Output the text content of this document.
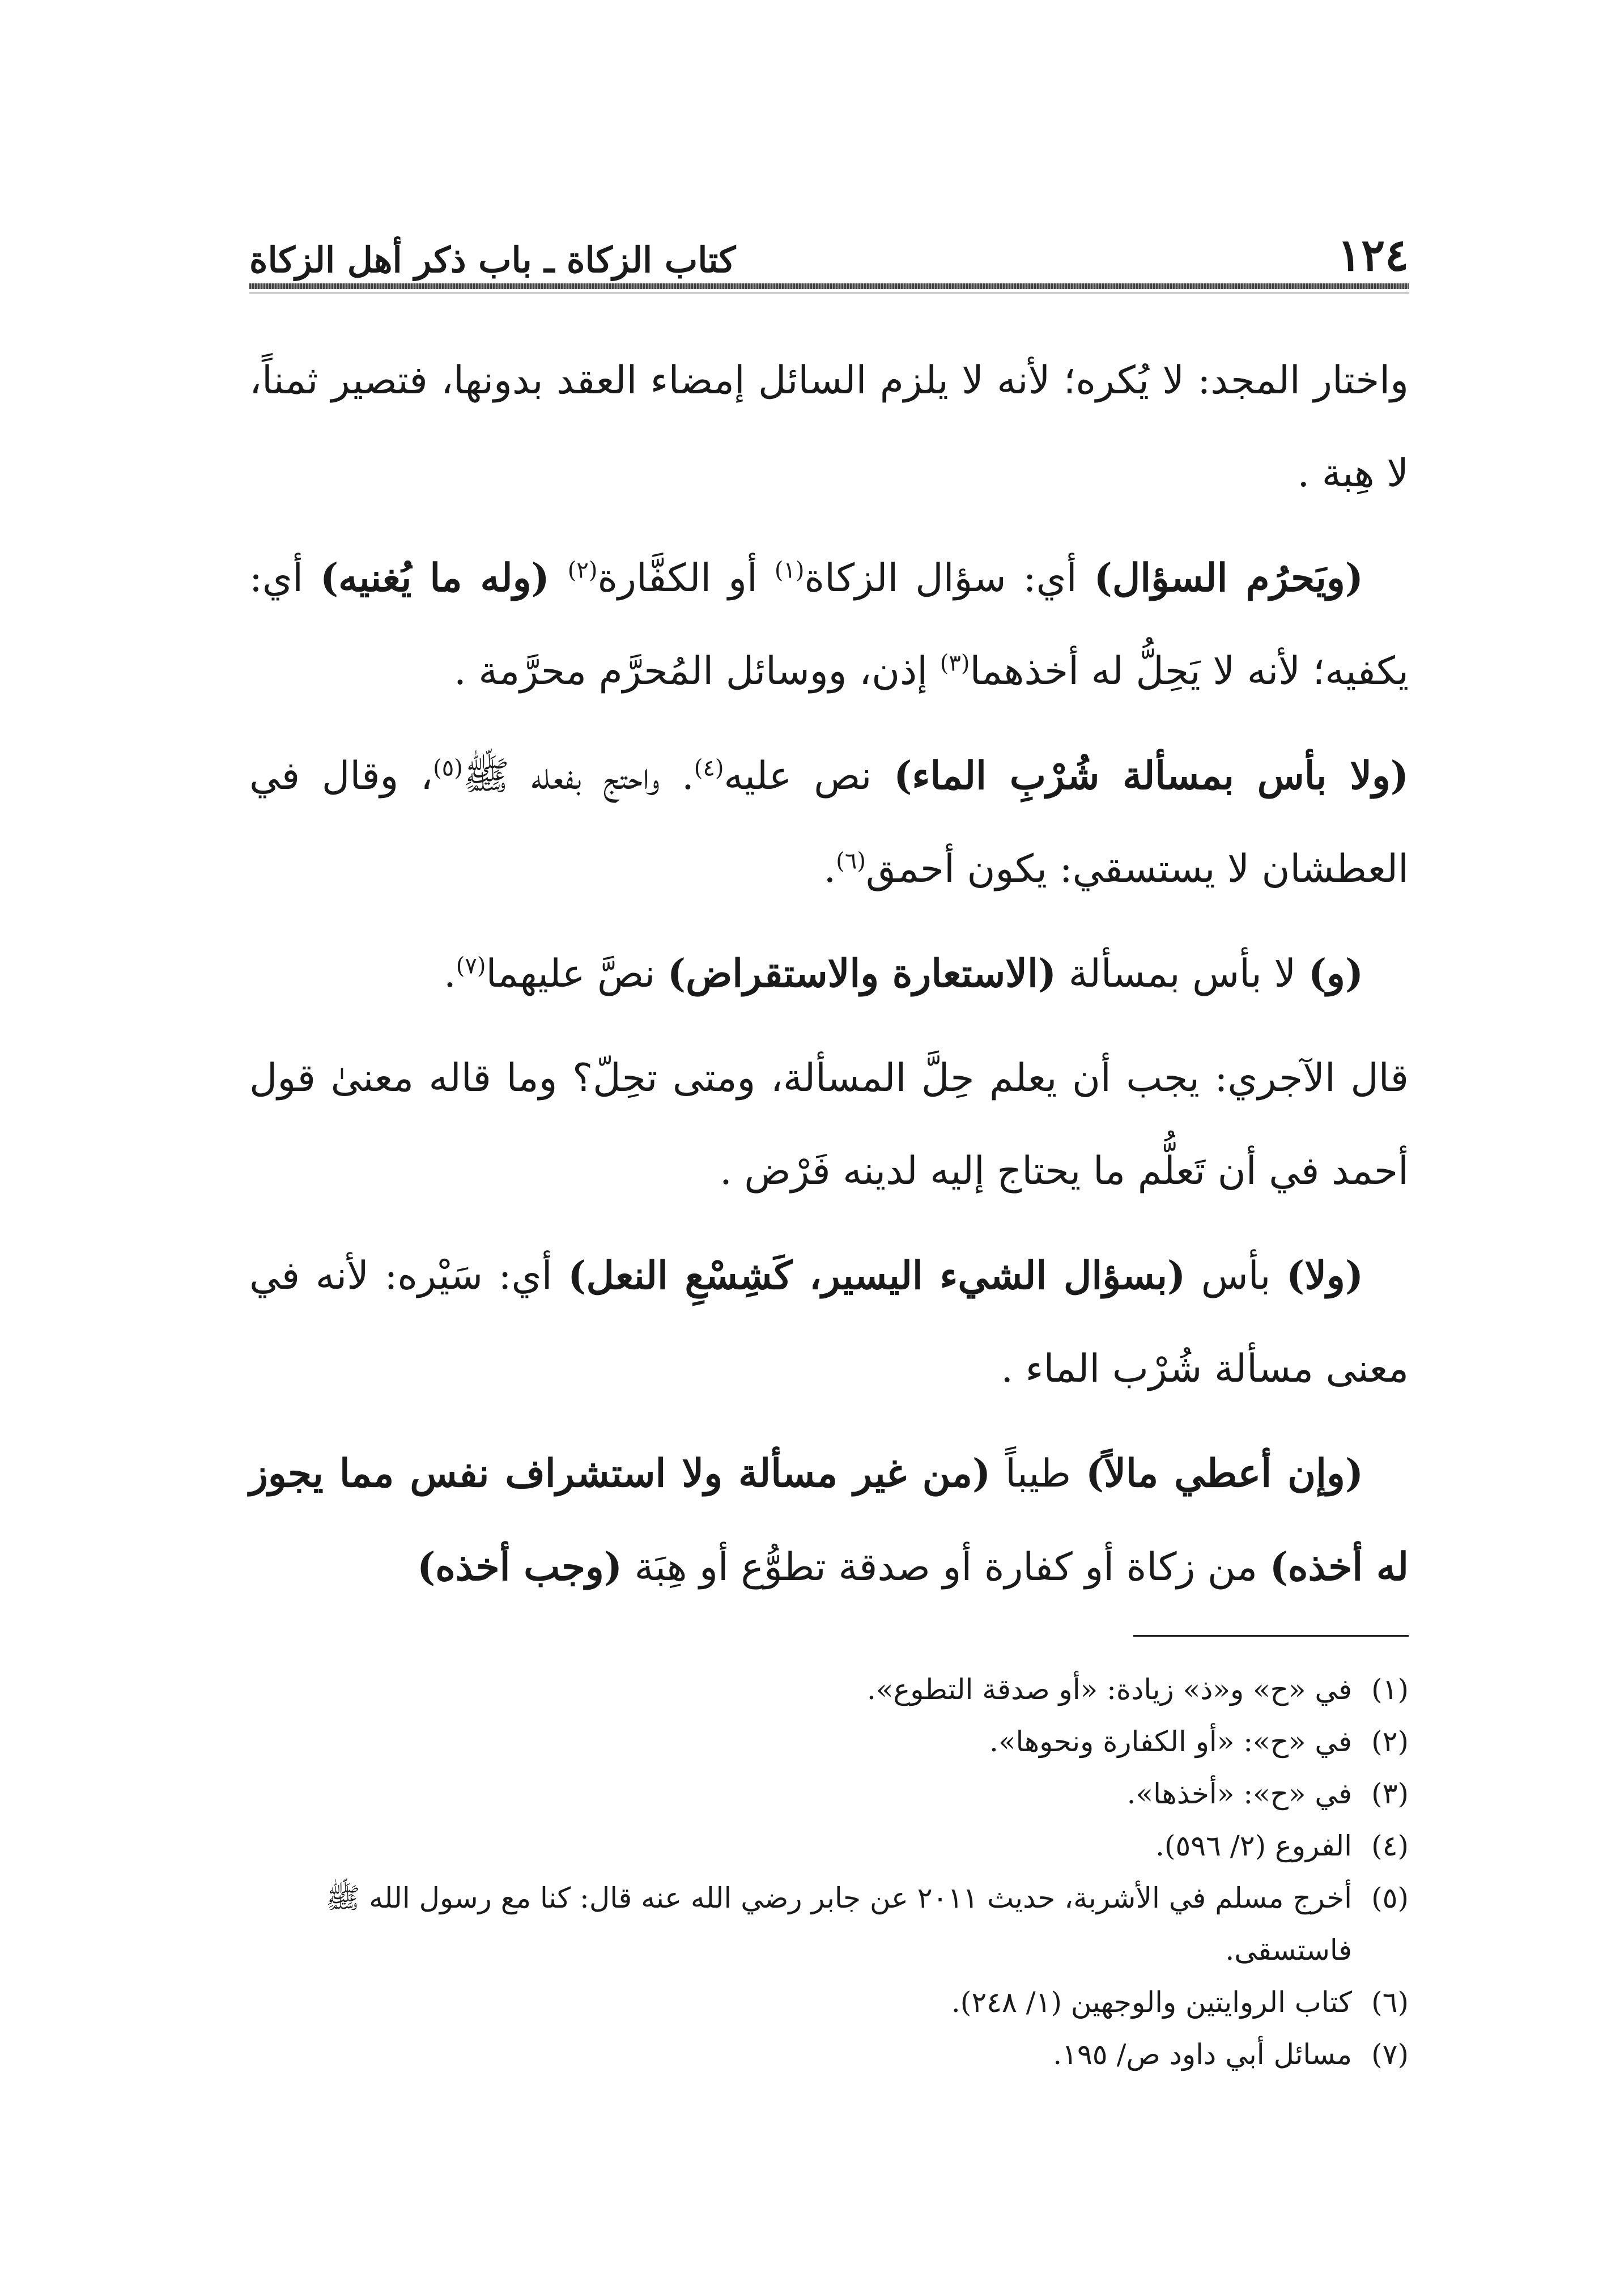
١٢٤
كتاب الزكاة ـ باب ذكر أهل الزكاة

واختار المجد: لا يُكره؛ لأنه لا يلزم السائل إمضاء العقد بدونها، فتصير ثمناً، لا هِبة .

(ويَحرُم السؤال) أي: سؤال الزكاة$^{(١)}$ أو الكفَّارة$^{(٢)}$ (وله ما يُغنيه) أي: يكفيه؛ لأنه لا يَحِلُّ له أخذهما$^{(٣)}$ إذن، ووسائل المُحرَّم محرَّمة .

(ولا بأس بمسألة شُرْبِ الماء) نص عليه$^{(٤)}$. واحتج بفعله ﷺ$^{(٥)}$، وقال في العطشان لا يستسقي: يكون أحمق$^{(٦)}$.

(و) لا بأس بمسألة (الاستعارة والاستقراض) نصَّ عليهما$^{(٧)}$.

قال الآجري: يجب أن يعلم حِلَّ المسألة، ومتى تحِلّ؟ وما قاله معنىٰ قول أحمد في أن تَعلُّم ما يحتاج إليه لدينه فَرْض .

(ولا) بأس (بسؤال الشيء اليسير، كَشِسْعِ النعل) أي: سَيْره: لأنه في معنى مسألة شُرْب الماء .

(وإن أعطي مالاً) طيباً (من غير مسألة ولا استشراف نفس مما يجوز له أخذه) من زكاة أو كفارة أو صدقة تطوُّع أو هِبَة (وجب أخذه)

(١)
في «ح» و«ذ» زيادة: «أو صدقة التطوع».
(٢)
في «ح»: «أو الكفارة ونحوها».
(٣)
في «ح»: «أخذها».
(٤)
الفروع (٢/ ٥٩٦).
(٥)
أخرج مسلم في الأشربة، حديث ٢٠١١ عن جابر رضي الله عنه قال: كنا مع رسول الله ﷺ فاستسقى.
(٦)
كتاب الروايتين والوجهين (١/ ٢٤٨).
(٧)
مسائل أبي داود ص/ ١٩٥.
